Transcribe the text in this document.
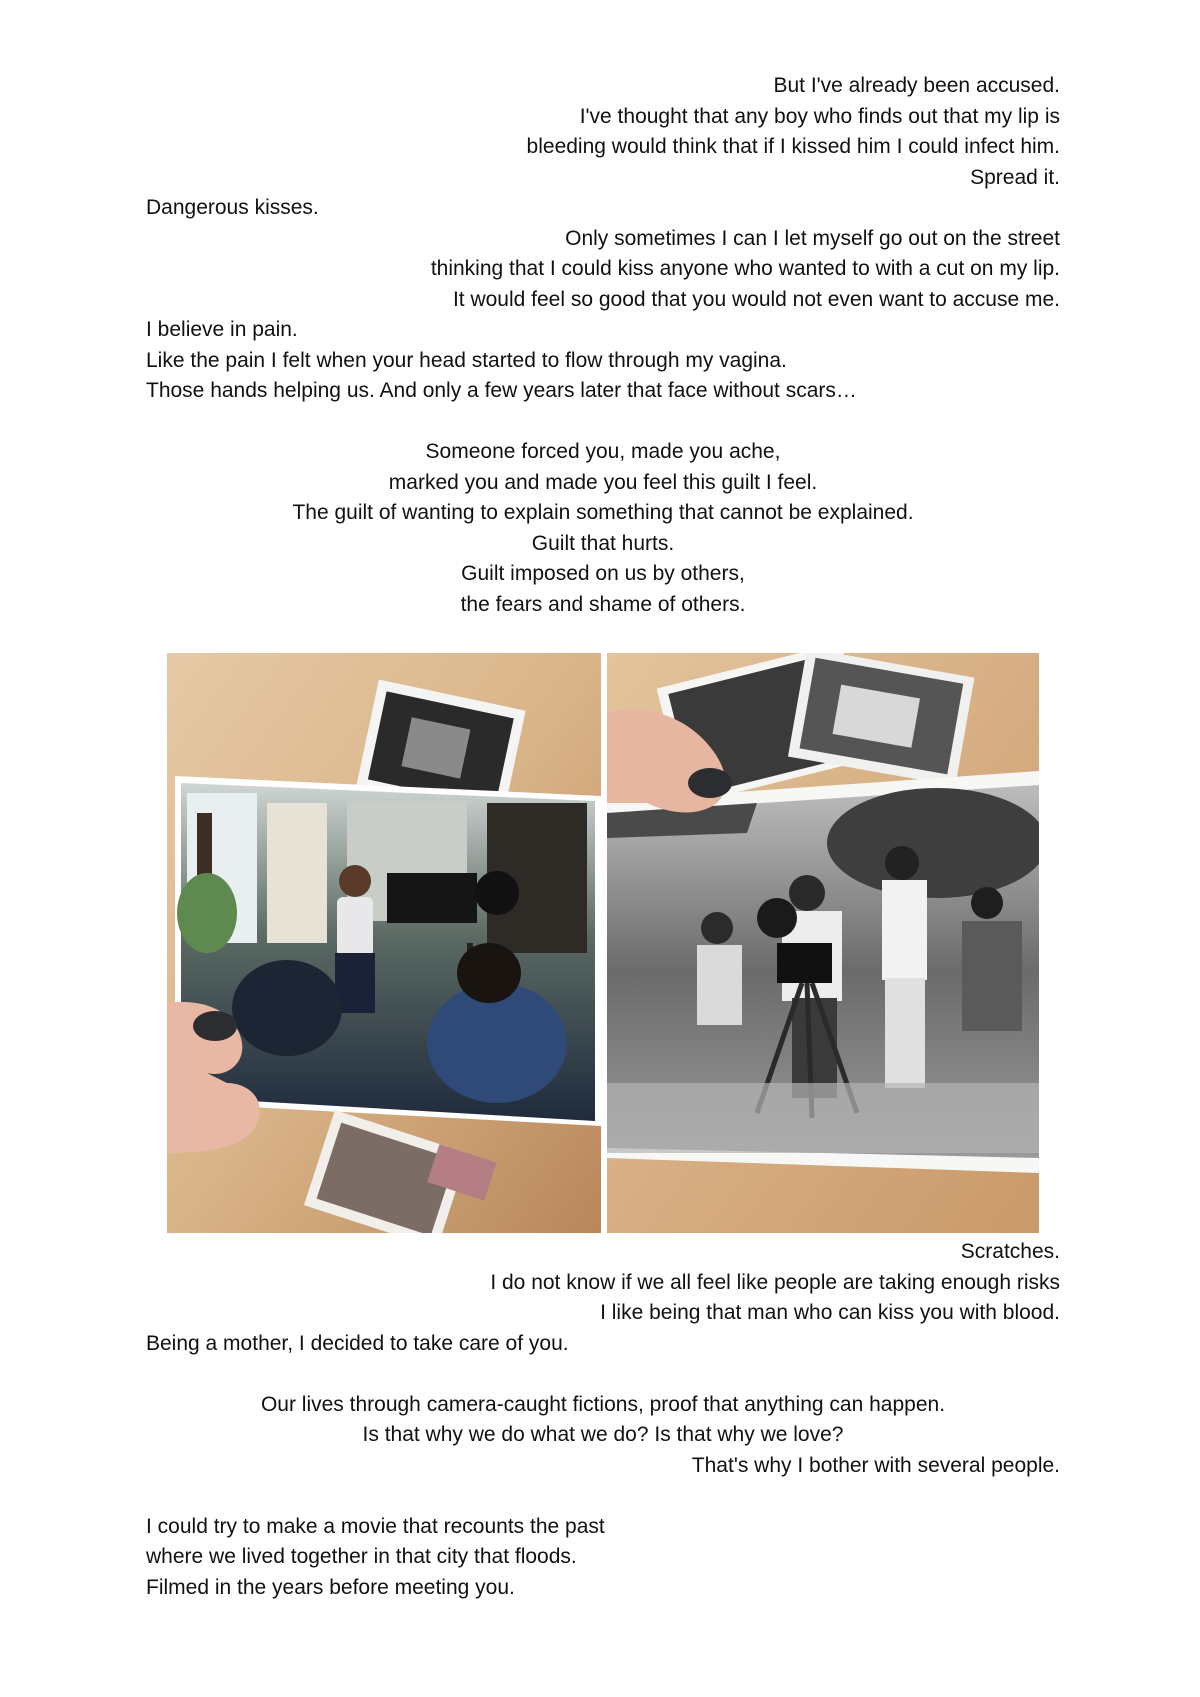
But I've already been accused.
I've thought that any boy who finds out that my lip is
bleeding would think that if I kissed him I could infect him.
Spread it.
Dangerous kisses.
Only sometimes I can I let myself go out on the street
thinking that I could kiss anyone who wanted to with a cut on my lip.
It would feel so good that you would not even want to accuse me.
I believe in pain.
Like the pain I felt when your head started to flow through my vagina.
Those hands helping us. And only a few years later that face without scars…
Someone forced you, made you ache,
marked you and made you feel this guilt I feel.
The guilt of wanting to explain something that cannot be explained.
Guilt that hurts.
Guilt imposed on us by others,
the fears and shame of others.
Scratches.
I do not know if we all feel like people are taking enough risks
I like being that man who can kiss you with blood.
Being a mother, I decided to take care of you.
Our lives through camera-caught fictions, proof that anything can happen.
Is that why we do what we do? Is that why we love?
That's why I bother with several people.
I could try to make a movie that recounts the past
where we lived together in that city that floods.
Filmed in the years before meeting you.
